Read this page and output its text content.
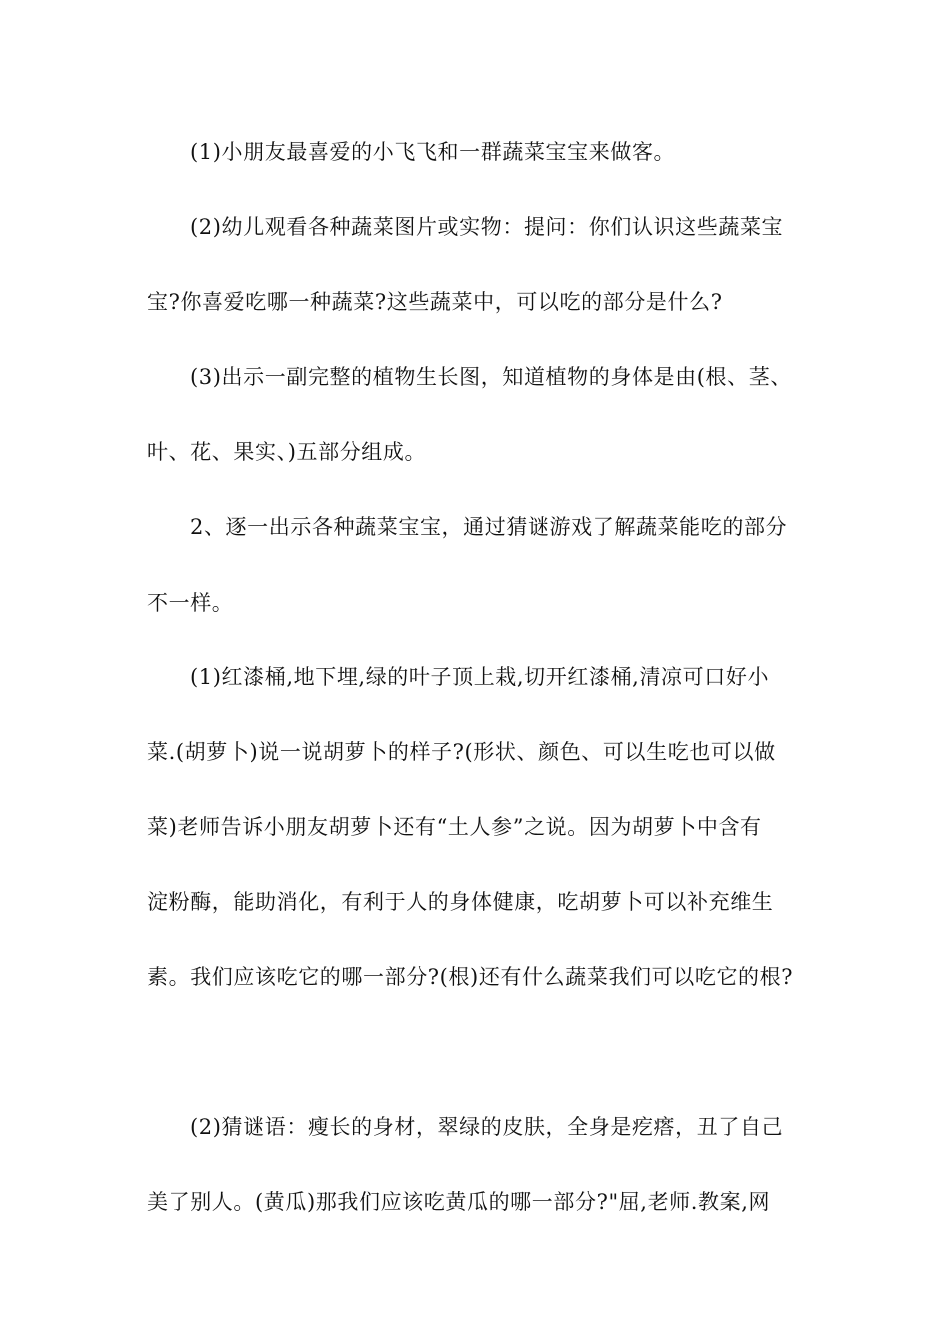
(1)小朋友最喜爱的小飞飞和一群蔬菜宝宝来做客。
(2)幼儿观看各种蔬菜图片或实物：提问：你们认识这些蔬菜宝
宝?你喜爱吃哪一种蔬菜?这些蔬菜中，可以吃的部分是什么?
(3)出示一副完整的植物生长图，知道植物的身体是由(根、茎、
叶、花、果实、)五部分组成。
2、逐一出示各种蔬菜宝宝，通过猜谜游戏了解蔬菜能吃的部分
不一样。
(1)红漆桶,地下埋,绿的叶子顶上栽,切开红漆桶,清凉可口好小
菜.(胡萝卜)说一说胡萝卜的样子?(形状、颜色、可以生吃也可以做
菜)老师告诉小朋友胡萝卜还有“土人参”之说。因为胡萝卜中含有
淀粉酶，能助消化，有利于人的身体健康，吃胡萝卜可以补充维生
素。我们应该吃它的哪一部分?(根)还有什么蔬菜我们可以吃它的根?
(2)猜谜语：瘦长的身材，翠绿的皮肤，全身是疙瘩，丑了自己
美了别人。(黄瓜)那我们应该吃黄瓜的哪一部分?"屈,老师.教案,网
